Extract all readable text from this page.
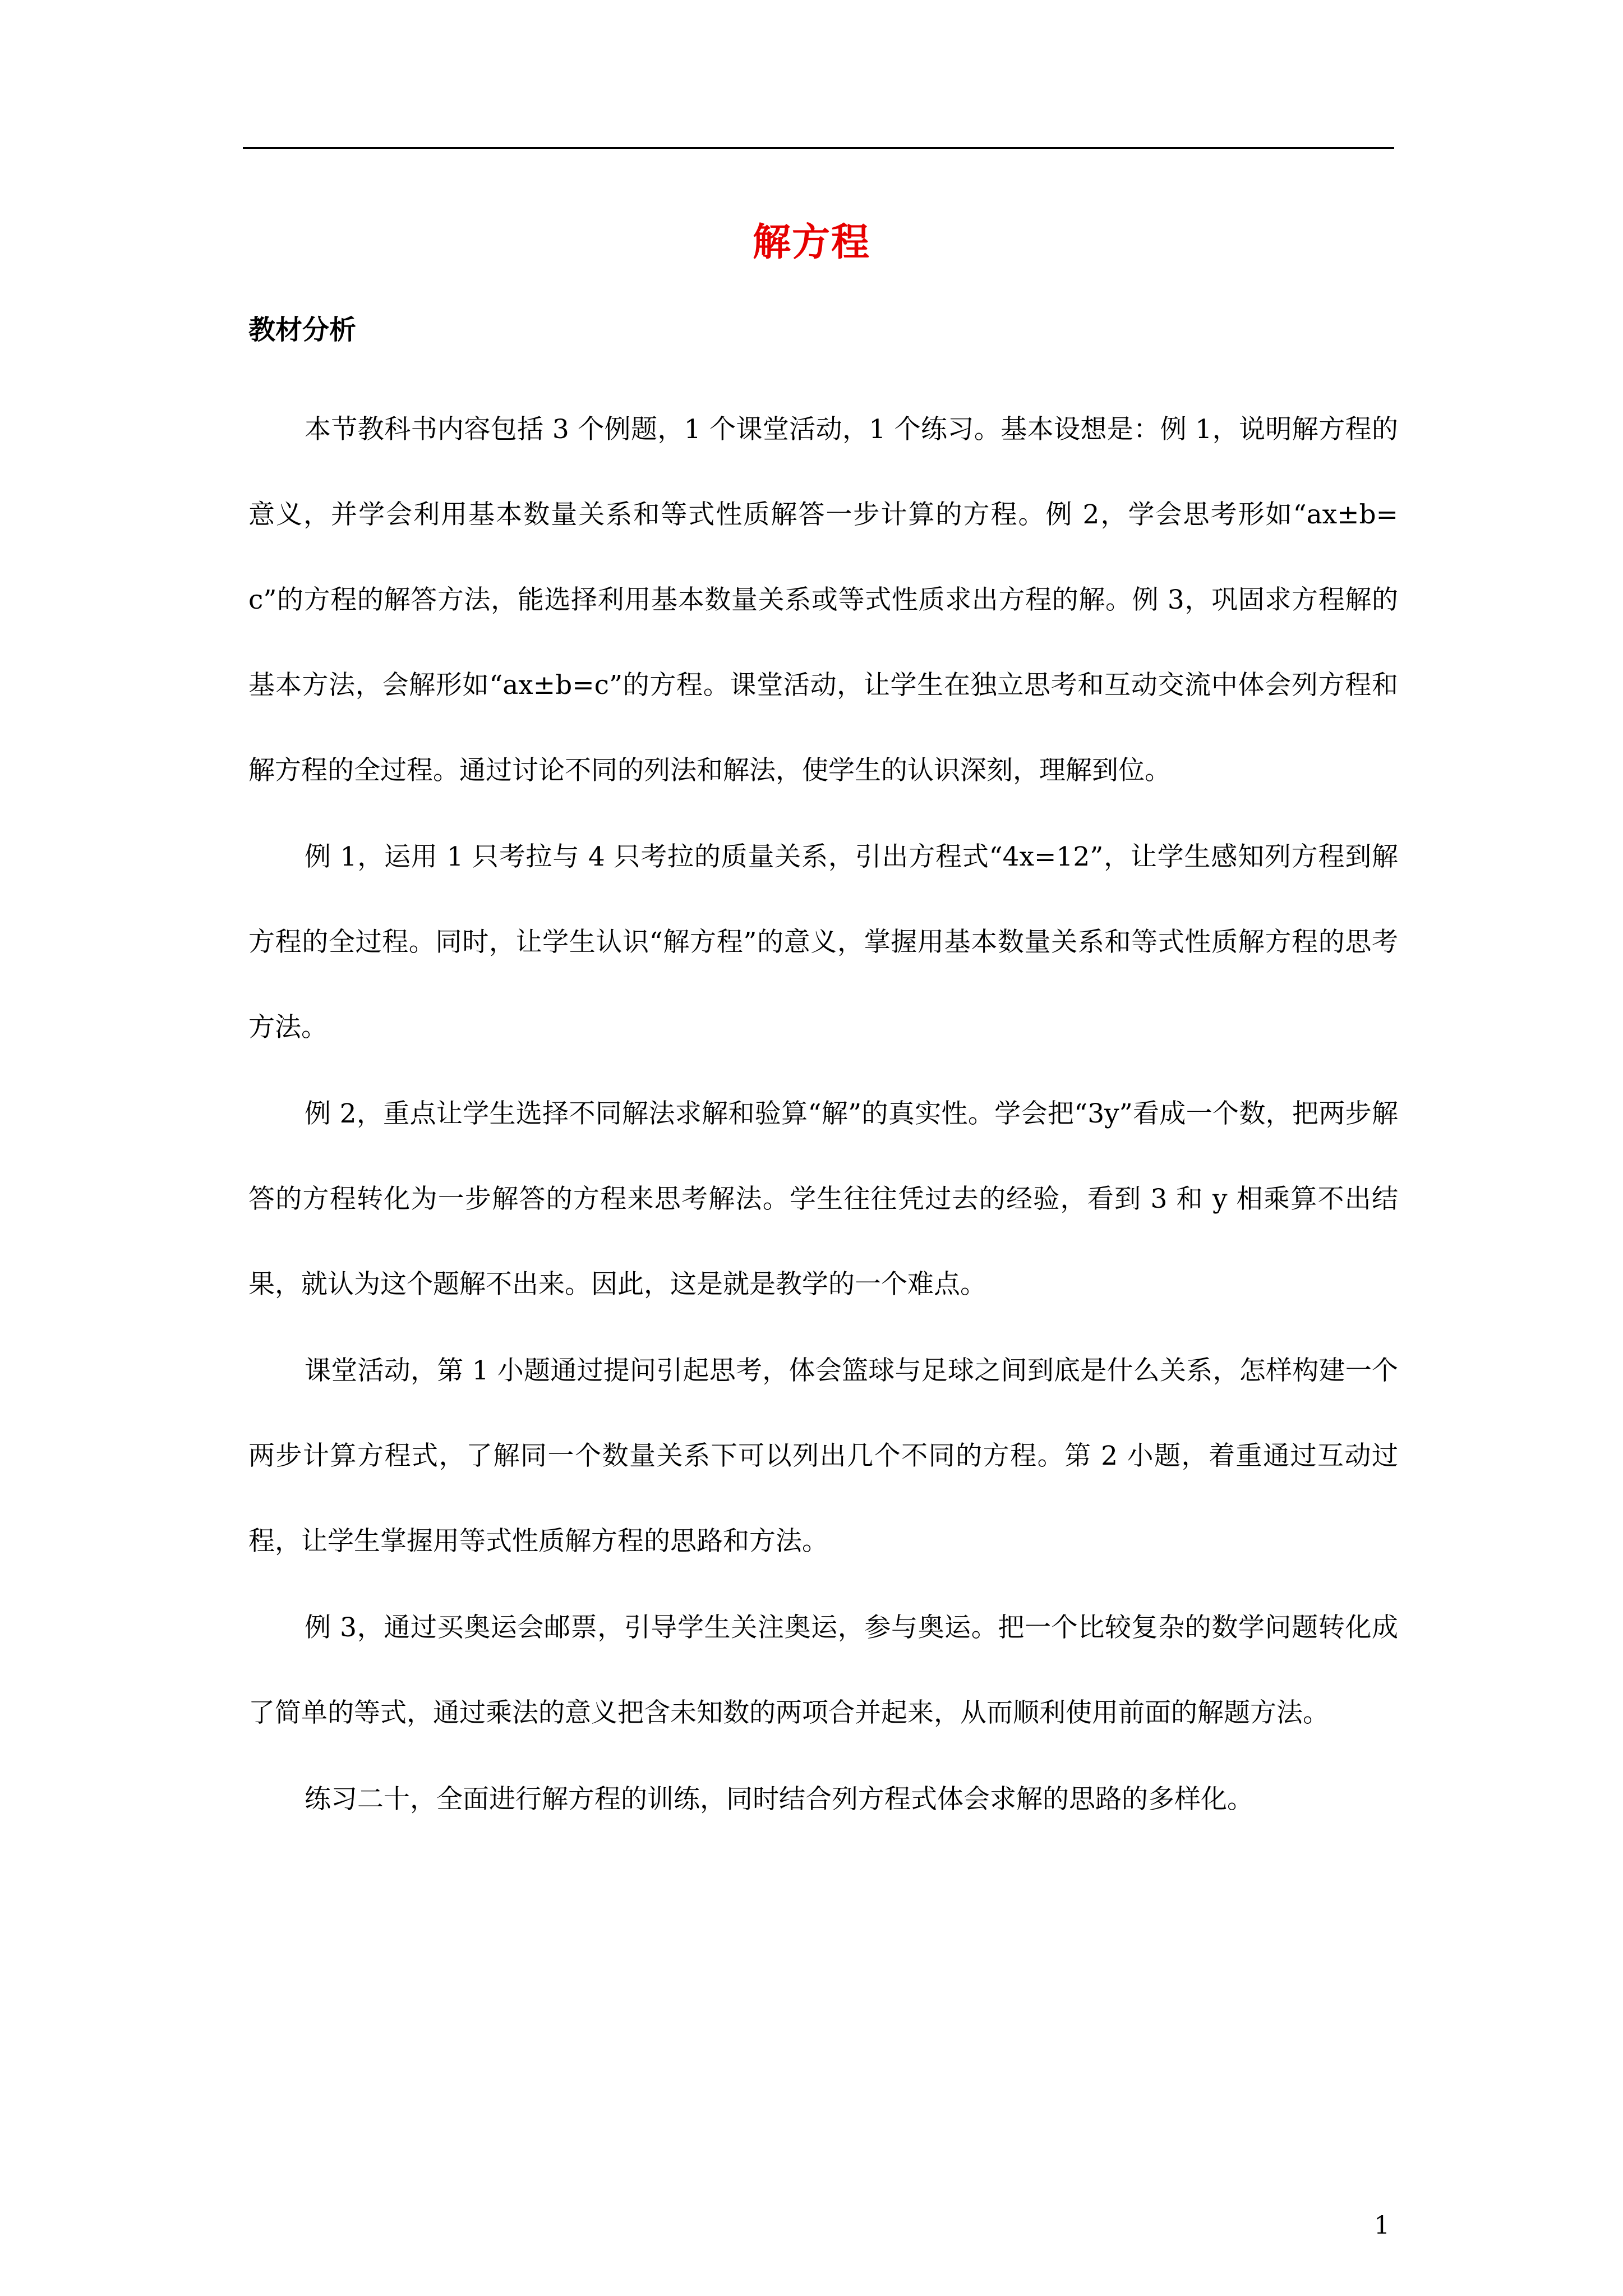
解方程
教材分析

本节教科书内容包括 3 个例题，1 个课堂活动，1 个练习。基本设想是：例 1，说明解方程的意义，并学会利用基本数量关系和等式性质解答一步计算的方程。例 2，学会思考形如“ax±b=c”的方程的解答方法，能选择利用基本数量关系或等式性质求出方程的解。例 3，巩固求方程解的基本方法，会解形如“ax±b=c”的方程。课堂活动，让学生在独立思考和互动交流中体会列方程和解方程的全过程。通过讨论不同的列法和解法，使学生的认识深刻，理解到位。

例 1，运用 1 只考拉与 4 只考拉的质量关系，引出方程式“4x=12”，让学生感知列方程到解方程的全过程。同时，让学生认识“解方程”的意义，掌握用基本数量关系和等式性质解方程的思考方法。

例 2，重点让学生选择不同解法求解和验算“解”的真实性。学会把“3y”看成一个数，把两步解答的方程转化为一步解答的方程来思考解法。学生往往凭过去的经验，看到 3 和 y 相乘算不出结果，就认为这个题解不出来。因此，这是就是教学的一个难点。

课堂活动，第 1 小题通过提问引起思考，体会篮球与足球之间到底是什么关系，怎样构建一个两步计算方程式，了解同一个数量关系下可以列出几个不同的方程。第 2 小题，着重通过互动过程，让学生掌握用等式性质解方程的思路和方法。

例 3，通过买奥运会邮票，引导学生关注奥运，参与奥运。把一个比较复杂的数学问题转化成了简单的等式，通过乘法的意义把含未知数的两项合并起来，从而顺利使用前面的解题方法。

练习二十，全面进行解方程的训练，同时结合列方程式体会求解的思路的多样化。

1
